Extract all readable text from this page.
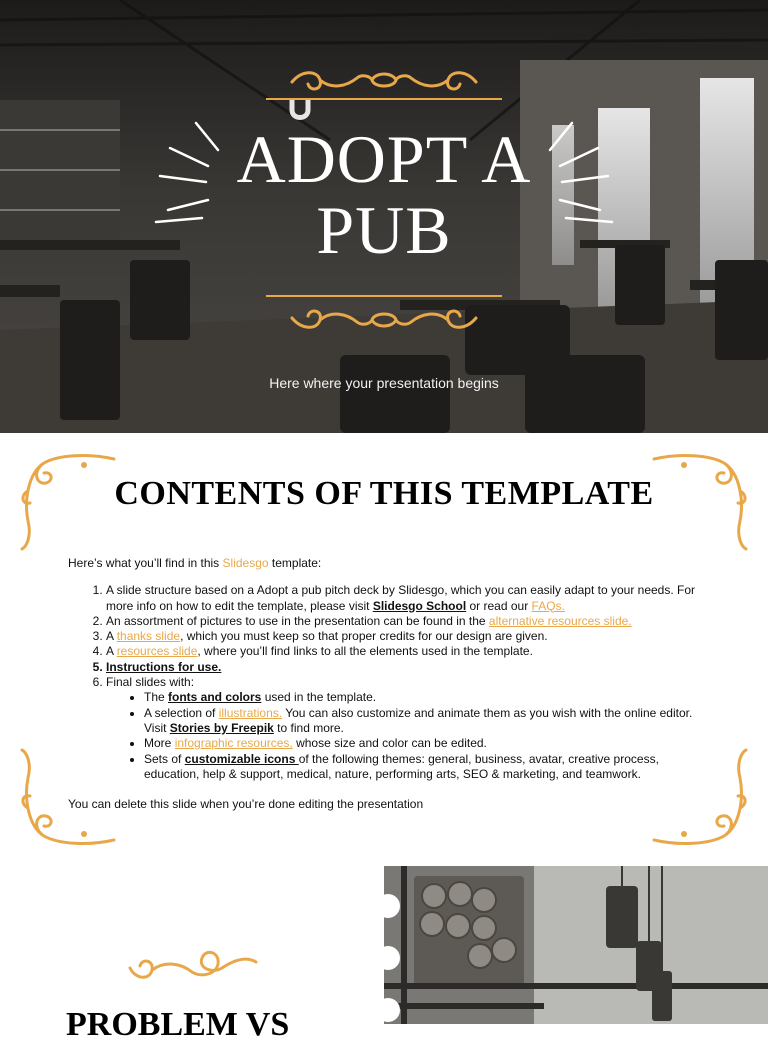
ADOPT A
PUB
Here where your presentation begins
CONTENTS OF THIS TEMPLATE

Here’s what you’ll find in this Slidesgo template:

1. A slide structure based on a Adopt a pub pitch deck by Slidesgo, which you can easily adapt to your needs. For more info on how to edit the template, please visit Slidesgo School or read our FAQs.
2. An assortment of pictures to use in the presentation can be found in the alternative resources slide.
3. A thanks slide, which you must keep so that proper credits for our design are given.
4. A resources slide, where you’ll find links to all the elements used in the template.
5. Instructions for use.
6. Final slides with:
• The fonts and colors used in the template.
• A selection of illustrations. You can also customize and animate them as you wish with the online editor. Visit Stories by Freepik to find more.
• More infographic resources, whose size and color can be edited.
• Sets of customizable icons of the following themes: general, business, avatar, creative process, education, help & support, medical, nature, performing arts, SEO & marketing, and teamwork.

You can delete this slide when you’re done editing the presentation

PROBLEM VS
